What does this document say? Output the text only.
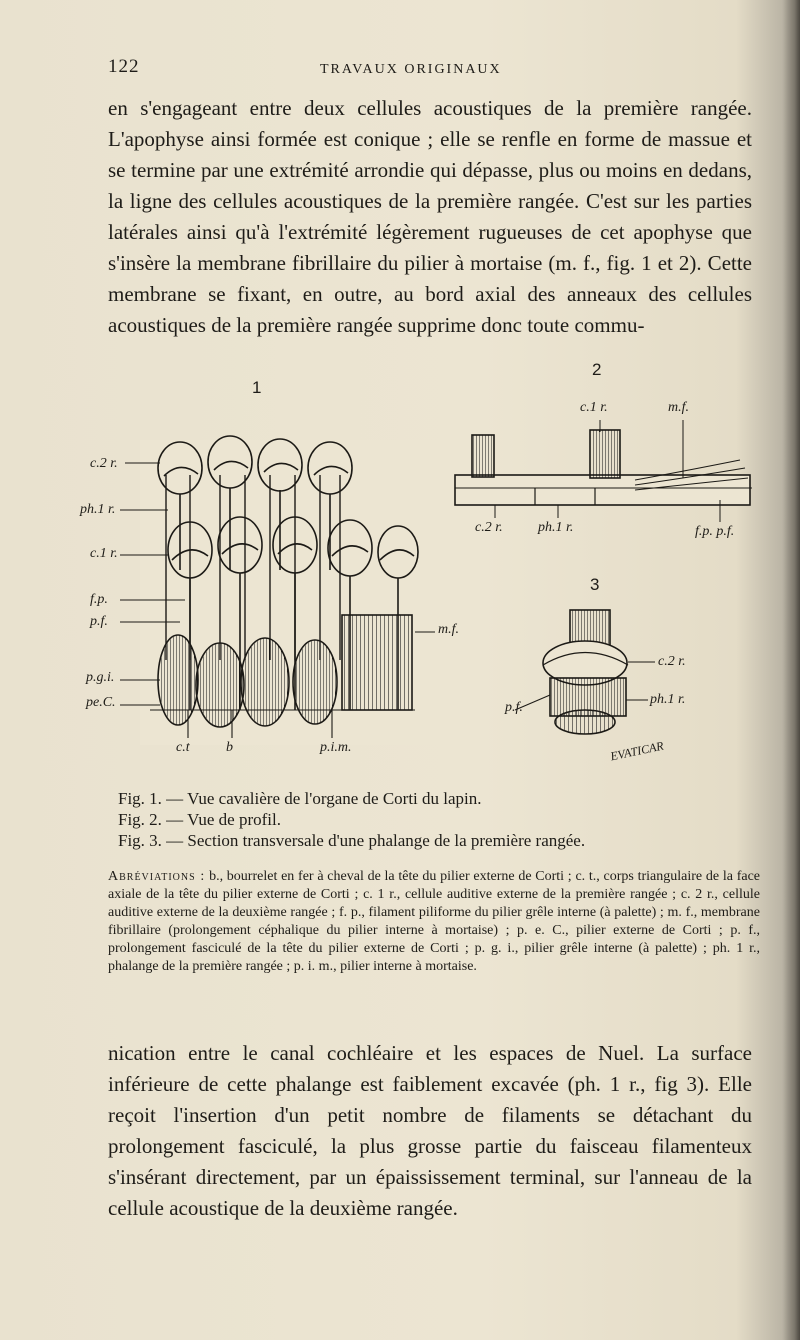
122	TRAVAUX ORIGINAUX

en s'engageant entre deux cellules acoustiques de la première rangée. L'apophyse ainsi formée est conique ; elle se renfle en forme de massue et se termine par une extrémité arrondie qui dépasse, plus ou moins en dedans, la ligne des cellules acoustiques de la première rangée. C'est sur les parties latérales ainsi qu'à l'extrémité légèrement rugueuses de cet apophyse que s'insère la membrane fibrillaire du pilier à mortaise (m. f., fig. 1 et 2). Cette membrane se fixant, en outre, au bord axial des anneaux des cellules acoustiques de la première rangée supprime donc toute commu-

1
c.2 r.
ph.1 r.
c.1 r.
f.p.
p.f.
p.g.i.
pe.C.
c.t	b	p.i.m.
m.f.
2
c.1 r.	m.f.
c.2 r.	ph.1 r.	f.p. p.f.
3
c.2 r.
ph.1 r.
p.f.
EVATICAR
Fig. 1. — Vue cavalière de l'organe de Corti du lapin.
Fig. 2. — Vue de profil.
Fig. 3. — Section transversale d'une phalange de la première rangée.

Abréviations : b., bourrelet en fer à cheval de la tête du pilier externe de Corti ; c. t., corps triangulaire de la face axiale de la tête du pilier externe de Corti ; c. 1 r., cellule auditive externe de la première rangée ; c. 2 r., cellule auditive externe de la deuxième rangée ; f. p., filament piliforme du pilier grêle interne (à palette) ; m. f., membrane fibrillaire (prolongement céphalique du pilier interne à mortaise) ; p. e. C., pilier externe de Corti ; p. f., prolongement fasciculé de la tête du pilier externe de Corti ; p. g. i., pilier grêle interne (à palette) ; ph. 1 r., phalange de la première rangée ; p. i. m., pilier interne à mortaise.

nication entre le canal cochléaire et les espaces de Nuel. La surface inférieure de cette phalange est faiblement excavée (ph. 1 r., fig 3). Elle reçoit l'insertion d'un petit nombre de filaments se détachant du prolongement fasciculé, la plus grosse partie du faisceau filamenteux s'insérant directement, par un épaississement terminal, sur l'anneau de la cellule acoustique de la deuxième rangée.
